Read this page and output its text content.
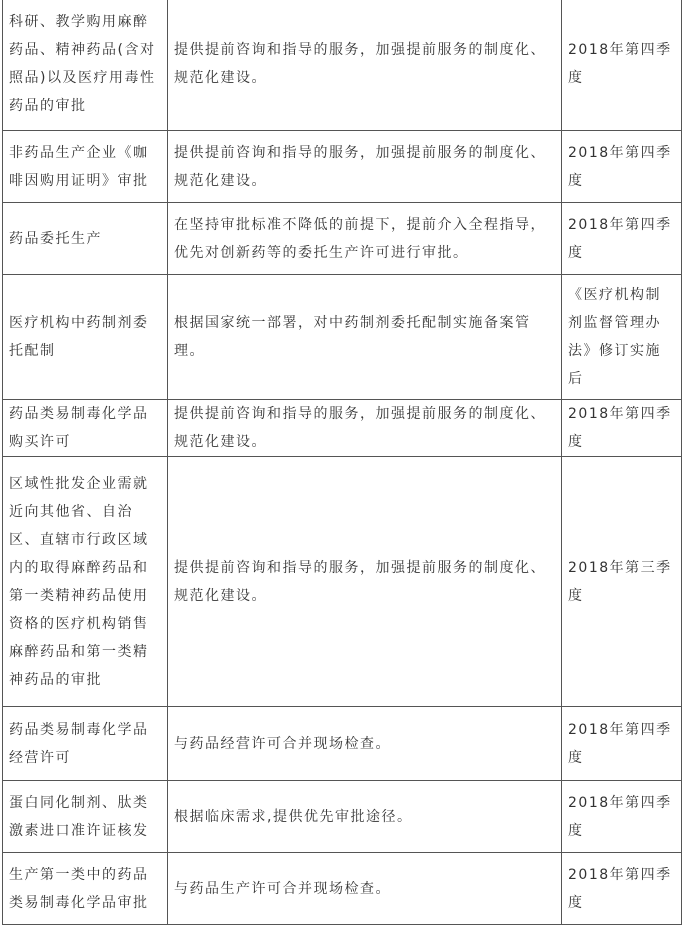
科研、教学购用麻醉药品、精神药品(含对照品)以及医疗用毒性药品的审批	提供提前咨询和指导的服务，加强提前服务的制度化、规范化建设。	2018年第四季度
非药品生产企业《咖啡因购用证明》审批	提供提前咨询和指导的服务，加强提前服务的制度化、规范化建设。	2018年第四季度
药品委托生产	在坚持审批标准不降低的前提下，提前介入全程指导，优先对创新药等的委托生产许可进行审批。	2018年第四季度
医疗机构中药制剂委托配制	根据国家统一部署，对中药制剂委托配制实施备案管理。	《医疗机构制剂监督管理办法》修订实施后
药品类易制毒化学品购买许可	提供提前咨询和指导的服务，加强提前服务的制度化、规范化建设。	2018年第四季度
区域性批发企业需就近向其他省、自治区、直辖市行政区域内的取得麻醉药品和第一类精神药品使用资格的医疗机构销售麻醉药品和第一类精神药品的审批	提供提前咨询和指导的服务，加强提前服务的制度化、规范化建设。	2018年第三季度
药品类易制毒化学品经营许可	与药品经营许可合并现场检查。	2018年第四季度
蛋白同化制剂、肽类激素进口准许证核发	根据临床需求,提供优先审批途径。	2018年第四季度
生产第一类中的药品类易制毒化学品审批	与药品生产许可合并现场检查。	2018年第四季度
